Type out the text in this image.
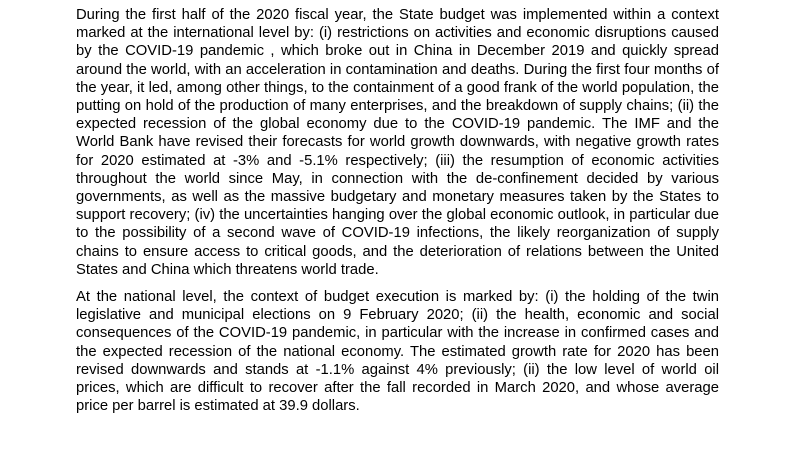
During the first half of the 2020 fiscal year, the State budget was implemented within a context marked at the international level by: (i) restrictions on activities and economic disruptions caused by the COVID-19 pandemic , which broke out in China in December 2019 and quickly spread around the world, with an acceleration in contamination and deaths. During the first four months of the year, it led, among other things, to the containment of a good frank of the world population, the putting on hold of the production of many enterprises, and the breakdown of supply chains; (ii) the expected recession of the global economy due to the COVID-19 pandemic. The IMF and the World Bank have revised their forecasts for world growth downwards, with negative growth rates for 2020 estimated at -3% and -5.1% respectively; (iii) the resumption of economic activities throughout the world since May, in connection with the de-confinement decided by various governments, as well as the massive budgetary and monetary measures taken by the States to support recovery; (iv) the uncertainties hanging over the global economic outlook, in particular due to the possibility of a second wave of COVID-19 infections, the likely reorganization of supply chains to ensure access to critical goods, and the deterioration of relations between the United States and China which threatens world trade.

At the national level, the context of budget execution is marked by: (i) the holding of the twin legislative and municipal elections on 9 February 2020; (ii) the health, economic and social consequences of the COVID-19 pandemic, in particular with the increase in confirmed cases and the expected recession of the national economy. The estimated growth rate for 2020 has been revised downwards and stands at -1.1% against 4% previously; (ii) the low level of world oil prices, which are difficult to recover after the fall recorded in March 2020, and whose average price per barrel is estimated at 39.9 dollars.
